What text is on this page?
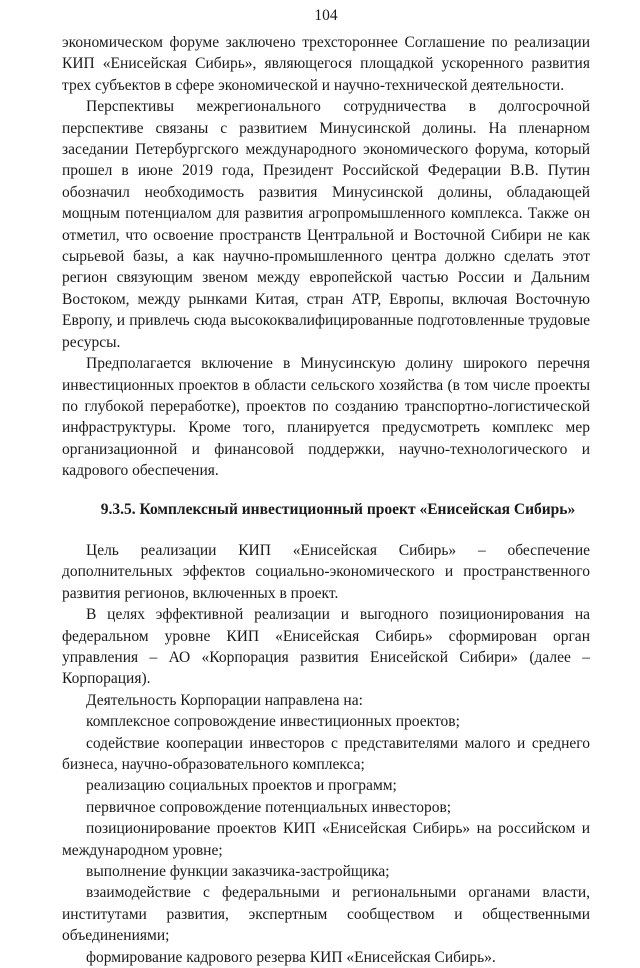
104

экономическом форуме заключено трехстороннее Соглашение по реализации КИП «Енисейская Сибирь», являющегося площадкой ускоренного развития трех субъектов в сфере экономической и научно-технической деятельности.

Перспективы межрегионального сотрудничества в долгосрочной перспективе связаны с развитием Минусинской долины. На пленарном заседании Петербургского международного экономического форума, который прошел в июне 2019 года, Президент Российской Федерации В.В. Путин обозначил необходимость развития Минусинской долины, обладающей мощным потенциалом для развития агропромышленного комплекса. Также он отметил, что освоение пространств Центральной и Восточной Сибири не как сырьевой базы, а как научно-промышленного центра должно сделать этот регион связующим звеном между европейской частью России и Дальним Востоком, между рынками Китая, стран АТР, Европы, включая Восточную Европу, и привлечь сюда высококвалифицированные подготовленные трудовые ресурсы.

Предполагается включение в Минусинскую долину широкого перечня инвестиционных проектов в области сельского хозяйства (в том числе проекты по глубокой переработке), проектов по созданию транспортно-логистической инфраструктуры. Кроме того, планируется предусмотреть комплекс мер организационной и финансовой поддержки, научно-технологического и кадрового обеспечения.

9.3.5. Комплексный инвестиционный проект «Енисейская Сибирь»

Цель реализации КИП «Енисейская Сибирь» – обеспечение дополнительных эффектов социально-экономического и пространственного развития регионов, включенных в проект.

В целях эффективной реализации и выгодного позиционирования на федеральном уровне КИП «Енисейская Сибирь» сформирован орган управления – АО «Корпорация развития Енисейской Сибири» (далее – Корпорация).

Деятельность Корпорации направлена на:

комплексное сопровождение инвестиционных проектов;

содействие кооперации инвесторов с представителями малого и среднего бизнеса, научно-образовательного комплекса;

реализацию социальных проектов и программ;

первичное сопровождение потенциальных инвесторов;

позиционирование проектов КИП «Енисейская Сибирь» на российском и международном уровне;

выполнение функции заказчика-застройщика;

взаимодействие с федеральными и региональными органами власти, институтами развития, экспертным сообществом и общественными объединениями;

формирование кадрового резерва КИП «Енисейская Сибирь».
